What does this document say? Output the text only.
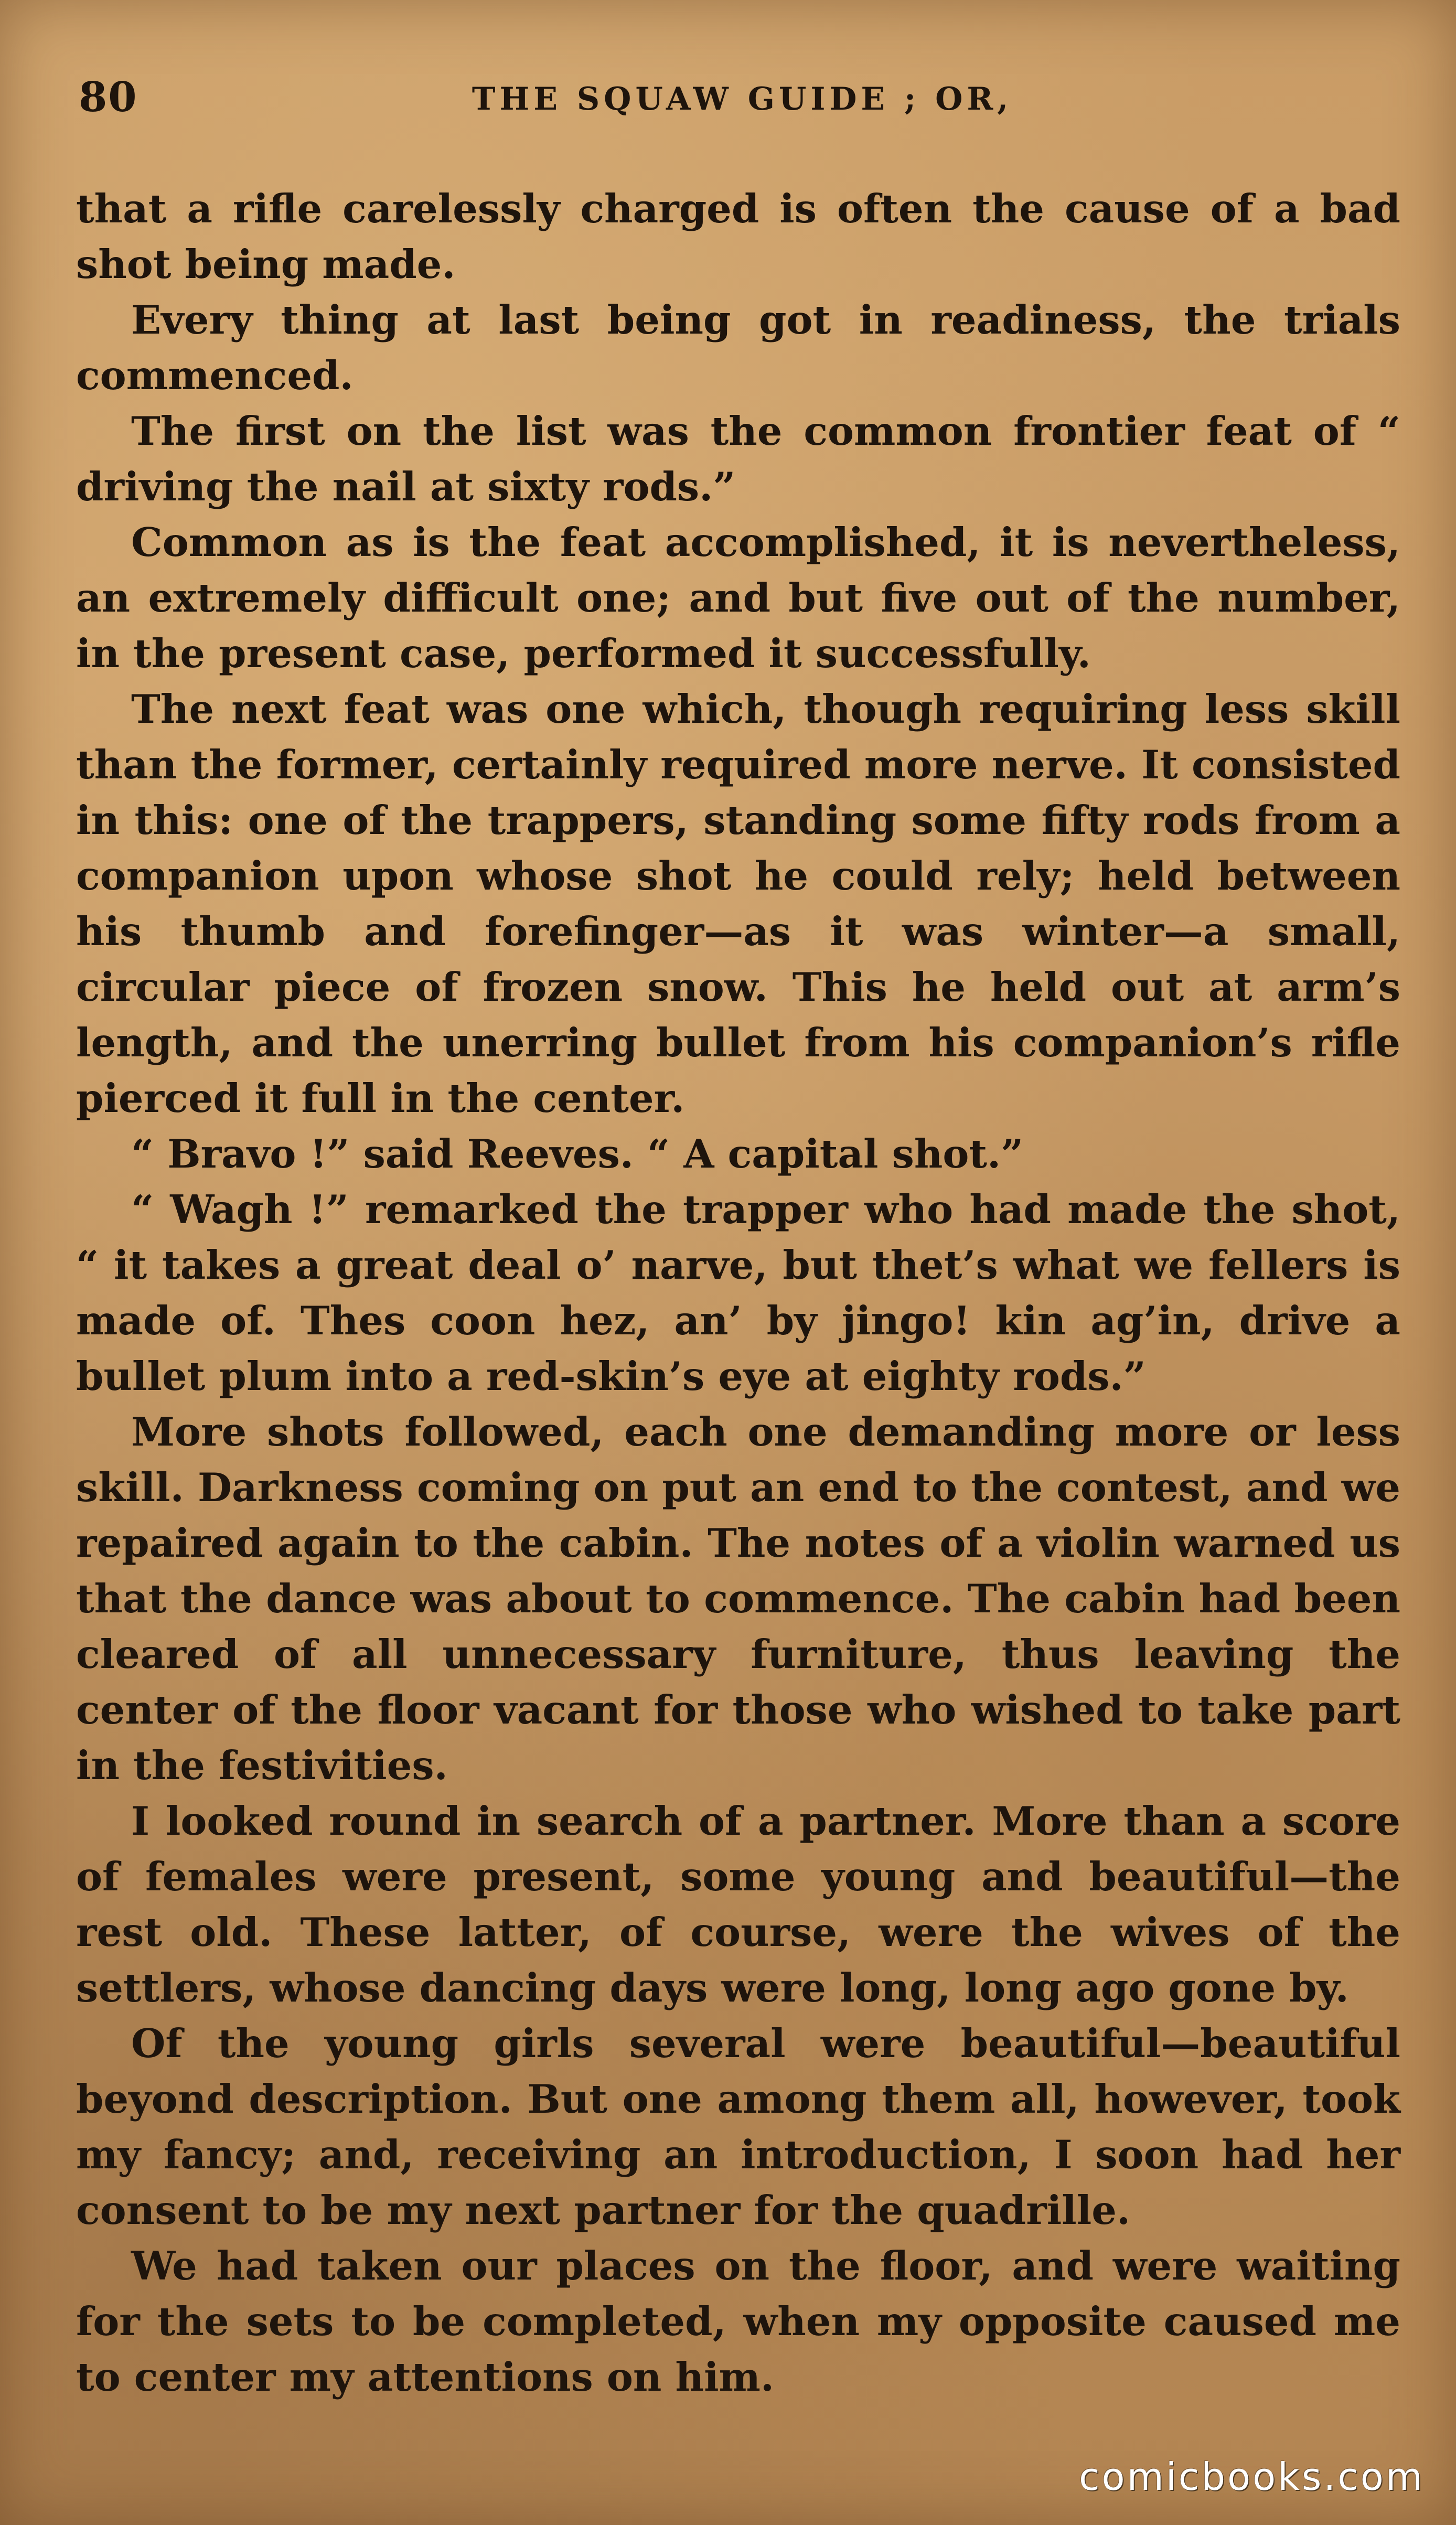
80	THE SQUAW GUIDE ; OR,

that a rifle carelessly charged is often the cause of a bad shot being made.

Every thing at last being got in readiness, the trials commenced.

The first on the list was the common frontier feat of “ driving the nail at sixty rods.”

Common as is the feat accomplished, it is nevertheless, an extremely difficult one; and but five out of the number, in the present case, performed it successfully.

The next feat was one which, though requiring less skill than the former, certainly required more nerve. It consisted in this: one of the trappers, standing some fifty rods from a companion upon whose shot he could rely; held between his thumb and forefinger—as it was winter—a small, circular piece of frozen snow. This he held out at arm’s length, and the unerring bullet from his companion’s rifle pierced it full in the center.

“ Bravo !” said Reeves. “ A capital shot.”

“ Wagh !” remarked the trapper who had made the shot, “ it takes a great deal o’ narve, but thet’s what we fellers is made of. Thes coon hez, an’ by jingo! kin ag’in, drive a bullet plum into a red-skin’s eye at eighty rods.”

More shots followed, each one demanding more or less skill. Darkness coming on put an end to the contest, and we repaired again to the cabin. The notes of a violin warned us that the dance was about to commence. The cabin had been cleared of all unnecessary furniture, thus leaving the center of the floor vacant for those who wished to take part in the festivities.

I looked round in search of a partner. More than a score of females were present, some young and beautiful—the rest old. These latter, of course, were the wives of the settlers, whose dancing days were long, long ago gone by.

Of the young girls several were beautiful—beautiful beyond description. But one among them all, however, took my fancy; and, receiving an introduction, I soon had her consent to be my next partner for the quadrille.

We had taken our places on the floor, and were waiting for the sets to be completed, when my opposite caused me to center my attentions on him.

comicbooks.com
